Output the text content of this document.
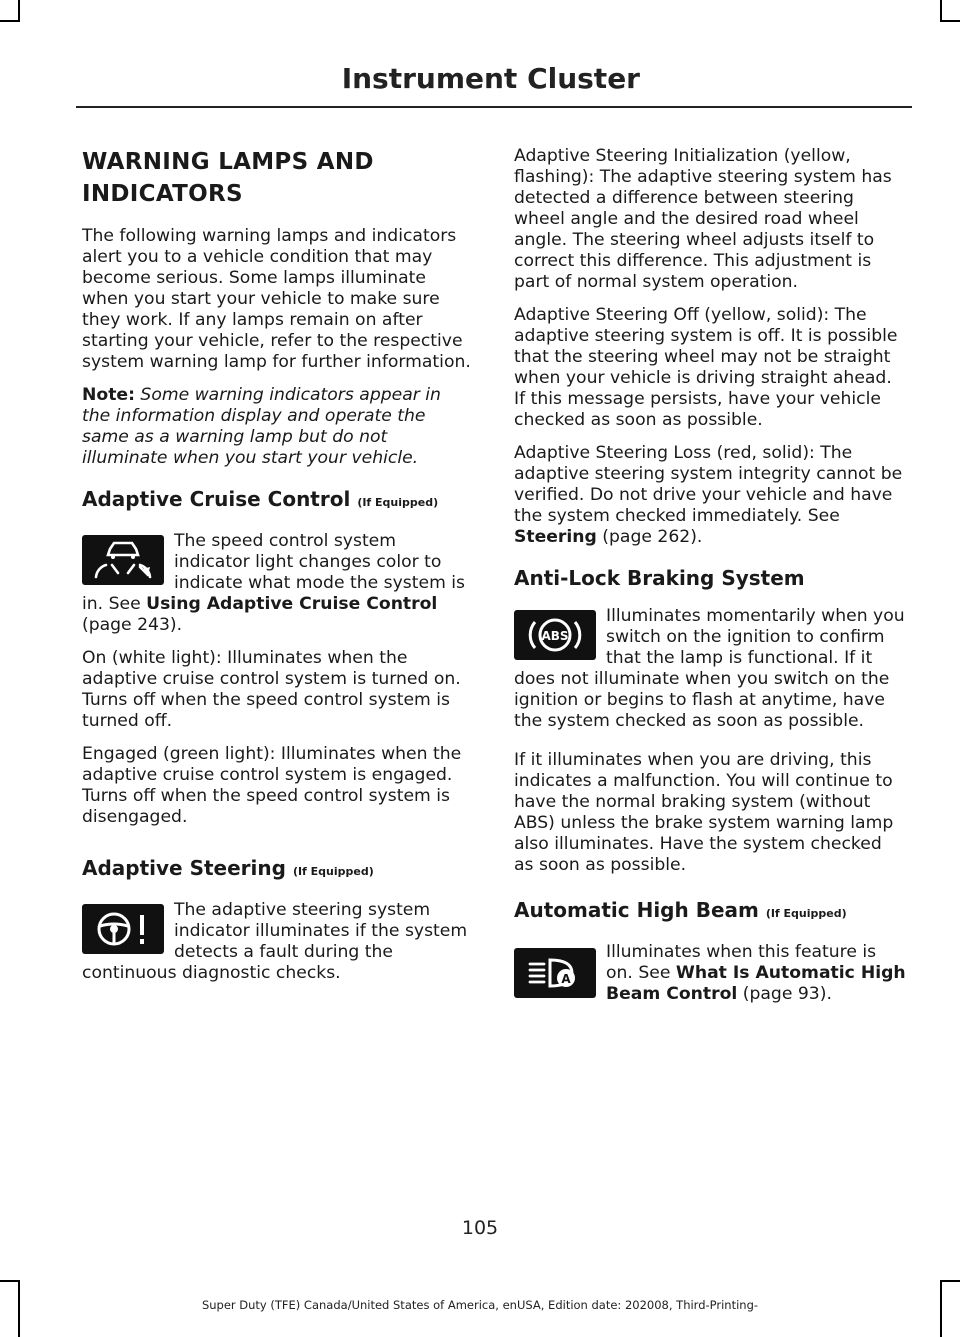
Instrument Cluster
WARNING LAMPS AND INDICATORS

The following warning lamps and indicators alert you to a vehicle condition that may become serious. Some lamps illuminate when you start your vehicle to make sure they work. If any lamps remain on after starting your vehicle, refer to the respective system warning lamp for further information.

Note: Some warning indicators appear in the information display and operate the same as a warning lamp but do not illuminate when you start your vehicle.

Adaptive Cruise Control (If Equipped)

The speed control system indicator light changes color to indicate what mode the system is in. See Using Adaptive Cruise Control (page 243).

On (white light): Illuminates when the adaptive cruise control system is turned on. Turns off when the speed control system is turned off.

Engaged (green light): Illuminates when the adaptive cruise control system is engaged. Turns off when the speed control system is disengaged.

Adaptive Steering (If Equipped)

The adaptive steering system indicator illuminates if the system detects a fault during the continuous diagnostic checks.

Adaptive Steering Initialization (yellow, flashing): The adaptive steering system has detected a difference between steering wheel angle and the desired road wheel angle. The steering wheel adjusts itself to correct this difference. This adjustment is part of normal system operation.

Adaptive Steering Off (yellow, solid): The adaptive steering system is off. It is possible that the steering wheel may not be straight when your vehicle is driving straight ahead. If this message persists, have your vehicle checked as soon as possible.

Adaptive Steering Loss (red, solid): The adaptive steering system integrity cannot be verified. Do not drive your vehicle and have the system checked immediately. See Steering (page 262).

Anti-Lock Braking System
ABS

Illuminates momentarily when you switch on the ignition to confirm that the lamp is functional. If it does not illuminate when you switch on the ignition or begins to flash at anytime, have the system checked as soon as possible.

If it illuminates when you are driving, this indicates a malfunction. You will continue to have the normal braking system (without ABS) unless the brake system warning lamp also illuminates. Have the system checked as soon as possible.

Automatic High Beam (If Equipped)
A

Illuminates when this feature is on. See What Is Automatic High Beam Control (page 93).

105
Super Duty (TFE) Canada/United States of America, enUSA, Edition date: 202008, Third-Printing-
